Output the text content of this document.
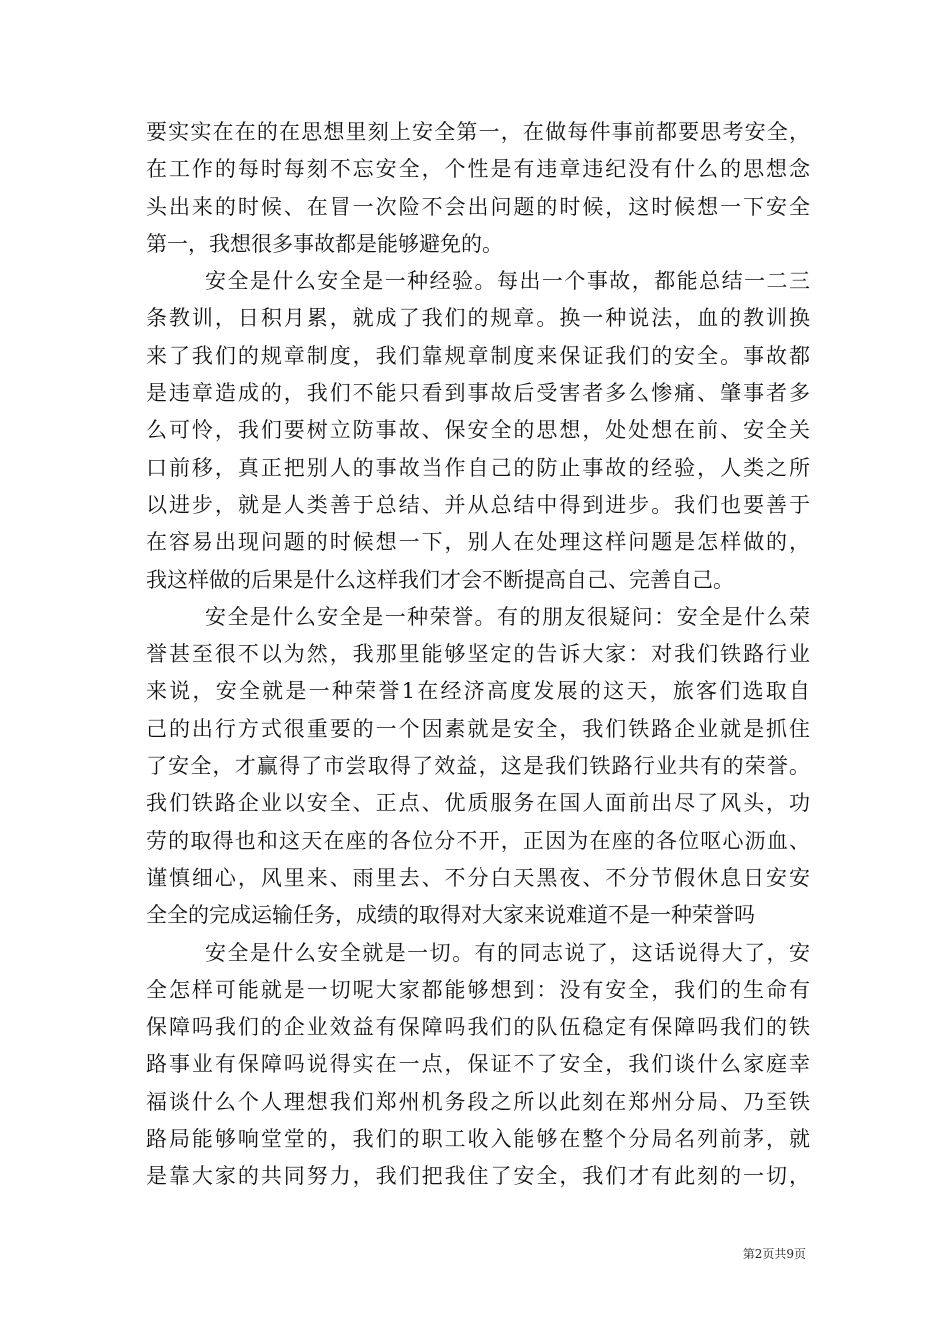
要实实在在的在思想里刻上安全第一，在做每件事前都要思考安全，
在工作的每时每刻不忘安全，个性是有违章违纪没有什么的思想念
头出来的时候、在冒一次险不会出问题的时候，这时候想一下安全
第一，我想很多事故都是能够避免的。
安全是什么安全是一种经验。每出一个事故，都能总结一二三
条教训，日积月累，就成了我们的规章。换一种说法，血的教训换
来了我们的规章制度，我们靠规章制度来保证我们的安全。事故都
是违章造成的，我们不能只看到事故后受害者多么惨痛、肇事者多
么可怜，我们要树立防事故、保安全的思想，处处想在前、安全关
口前移，真正把别人的事故当作自己的防止事故的经验，人类之所
以进步，就是人类善于总结、并从总结中得到进步。我们也要善于
在容易出现问题的时候想一下，别人在处理这样问题是怎样做的，
我这样做的后果是什么这样我们才会不断提高自己、完善自己。
安全是什么安全是一种荣誉。有的朋友很疑问：安全是什么荣
誉甚至很不以为然，我那里能够坚定的告诉大家：对我们铁路行业
来说，安全就是一种荣誉1在经济高度发展的这天，旅客们选取自
己的出行方式很重要的一个因素就是安全，我们铁路企业就是抓住
了安全，才赢得了市尝取得了效益，这是我们铁路行业共有的荣誉。
我们铁路企业以安全、正点、优质服务在国人面前出尽了风头，功
劳的取得也和这天在座的各位分不开，正因为在座的各位呕心沥血、
谨慎细心，风里来、雨里去、不分白天黑夜、不分节假休息日安安
全全的完成运输任务，成绩的取得对大家来说难道不是一种荣誉吗
安全是什么安全就是一切。有的同志说了，这话说得大了，安
全怎样可能就是一切呢大家都能够想到：没有安全，我们的生命有
保障吗我们的企业效益有保障吗我们的队伍稳定有保障吗我们的铁
路事业有保障吗说得实在一点，保证不了安全，我们谈什么家庭幸
福谈什么个人理想我们郑州机务段之所以此刻在郑州分局、乃至铁
路局能够响堂堂的，我们的职工收入能够在整个分局名列前茅，就
是靠大家的共同努力，我们把我住了安全，我们才有此刻的一切，
第2页共9页
